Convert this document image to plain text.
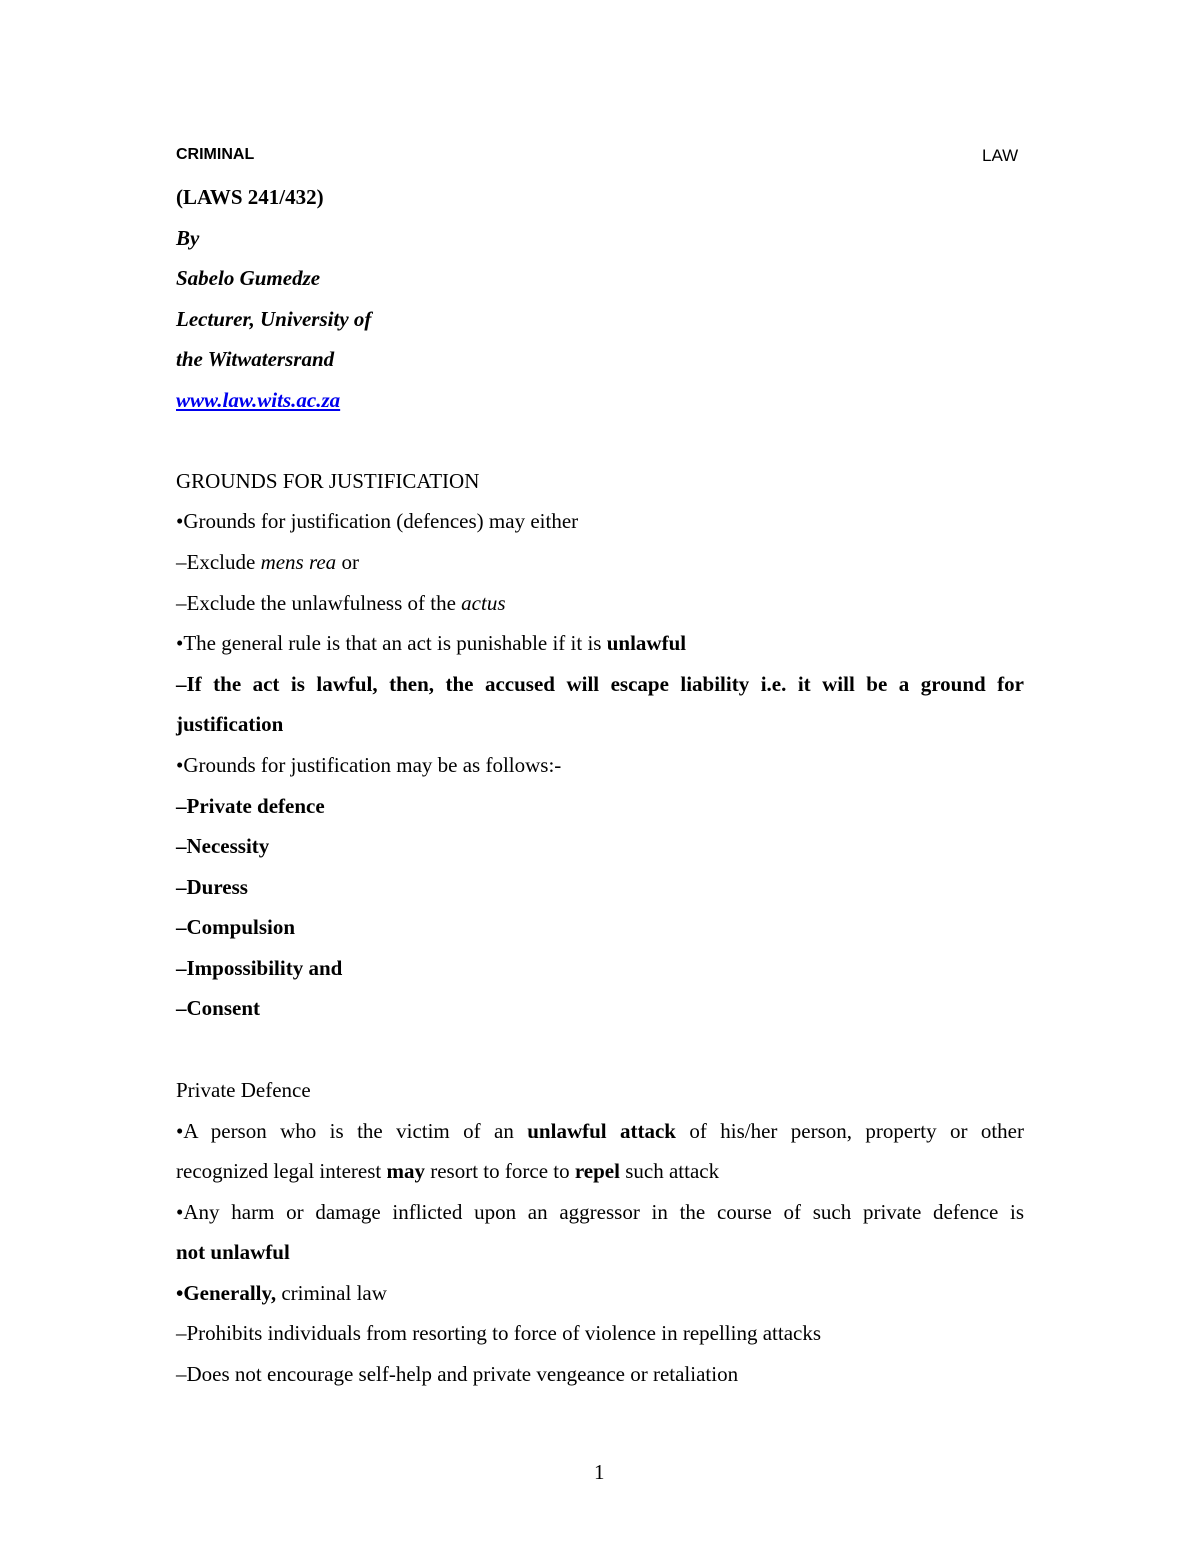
CRIMINAL	LAW
(LAWS 241/432)
By
Sabelo Gumedze
Lecturer, University of
the Witwatersrand
www.law.wits.ac.za
GROUNDS FOR JUSTIFICATION
•Grounds for justification (defences) may either
–Exclude mens rea or
–Exclude the unlawfulness of the actus
•The general rule is that an act is punishable if it is unlawful
–If the act is lawful, then, the accused will escape liability i.e. it will be a ground for
justification
•Grounds for justification may be as follows:-
–Private defence
–Necessity
–Duress
–Compulsion
–Impossibility and
–Consent
Private Defence
•A person who is the victim of an unlawful attack of his/her person, property or other
recognized legal interest may resort to force to repel such attack
•Any harm or damage inflicted upon an aggressor in the course of such private defence is
not unlawful
•Generally, criminal law
–Prohibits individuals from resorting to force of violence in repelling attacks
–Does not encourage self-help and private vengeance or retaliation
1
